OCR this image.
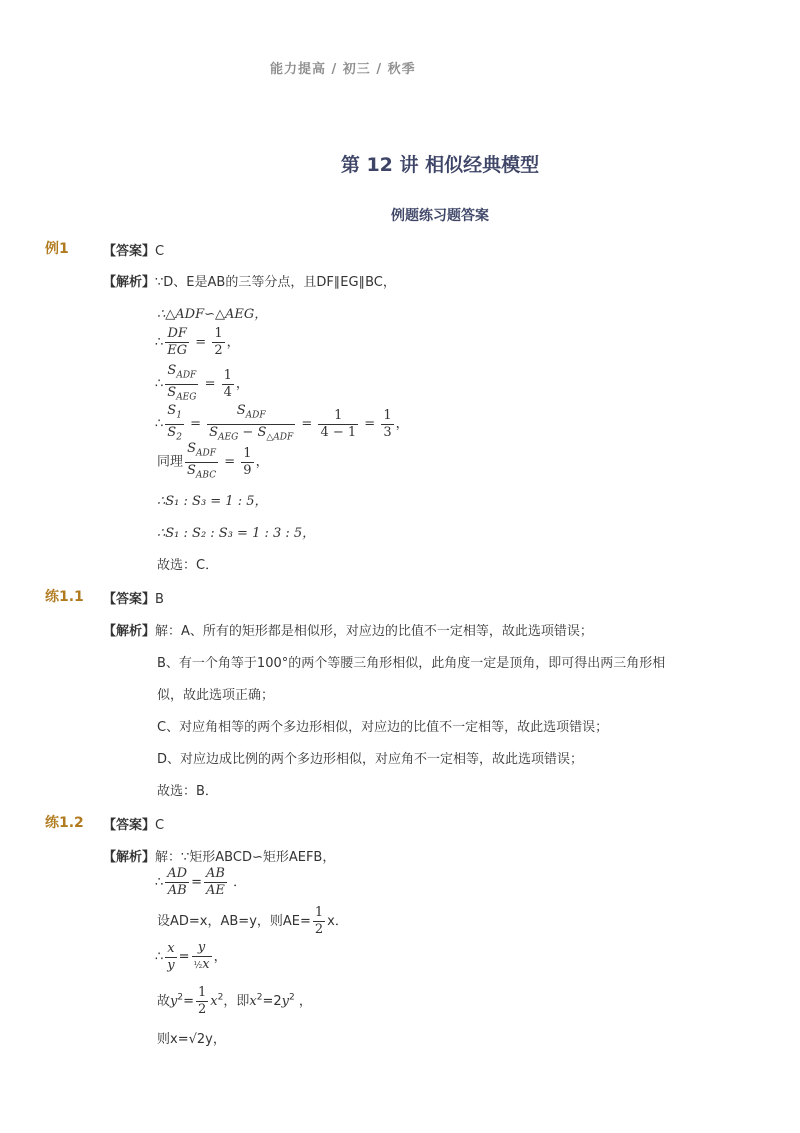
能力提高 / 初三 / 秋季
第 12 讲 相似经典模型
例题练习题答案
例1	【答案】C
【解析】∵D、E是AB的三等分点，且DF∥EG∥BC，
∴△ADF∽△AEG，
∴ $\frac{DF}{EG} = \frac{1}{2}$ ，
∴ $\frac{S_{ADF}}{S_{AEG}} = \frac{1}{4}$ ，
∴ $\frac{S_1}{S_2} = \frac{S_{ADF}}{S_{AEG} - S_{\triangle ADF}} = \frac{1}{4 - 1} = \frac{1}{3}$ ，
同理 $\frac{S_{ADF}}{S_{ABC}} = \frac{1}{9}$ ，
∴S₁ : S₃ = 1 : 5，
∴S₁ : S₂ : S₃ = 1 : 3 : 5，
故选：C．
练1.1 【答案】B
【解析】解：A、所有的矩形都是相似形，对应边的比值不一定相等，故此选项错误；
B、有一个角等于100°的两个等腰三角形相似，此角度一定是顶角，即可得出两三角形相
似，故此选项正确；
C、对应角相等的两个多边形相似，对应边的比值不一定相等，故此选项错误；
D、对应边成比例的两个多边形相似，对应角不一定相等，故此选项错误；
故选：B．
练1.2 【答案】C
【解析】解：∵矩形ABCD∽矩形AEFB，
∴ $\frac{AD}{AB} = \frac{AB}{AE}$ ．
设AD=x，AB=y，则$AE= \frac{1}{2}$ x．
∴ $\frac{x}{y} = \frac{y}{\text{½x}}$ ，
故$y^2= \frac{1}{2} x^2$，即$x^2=2y^2$ ，
则x=√2y，
